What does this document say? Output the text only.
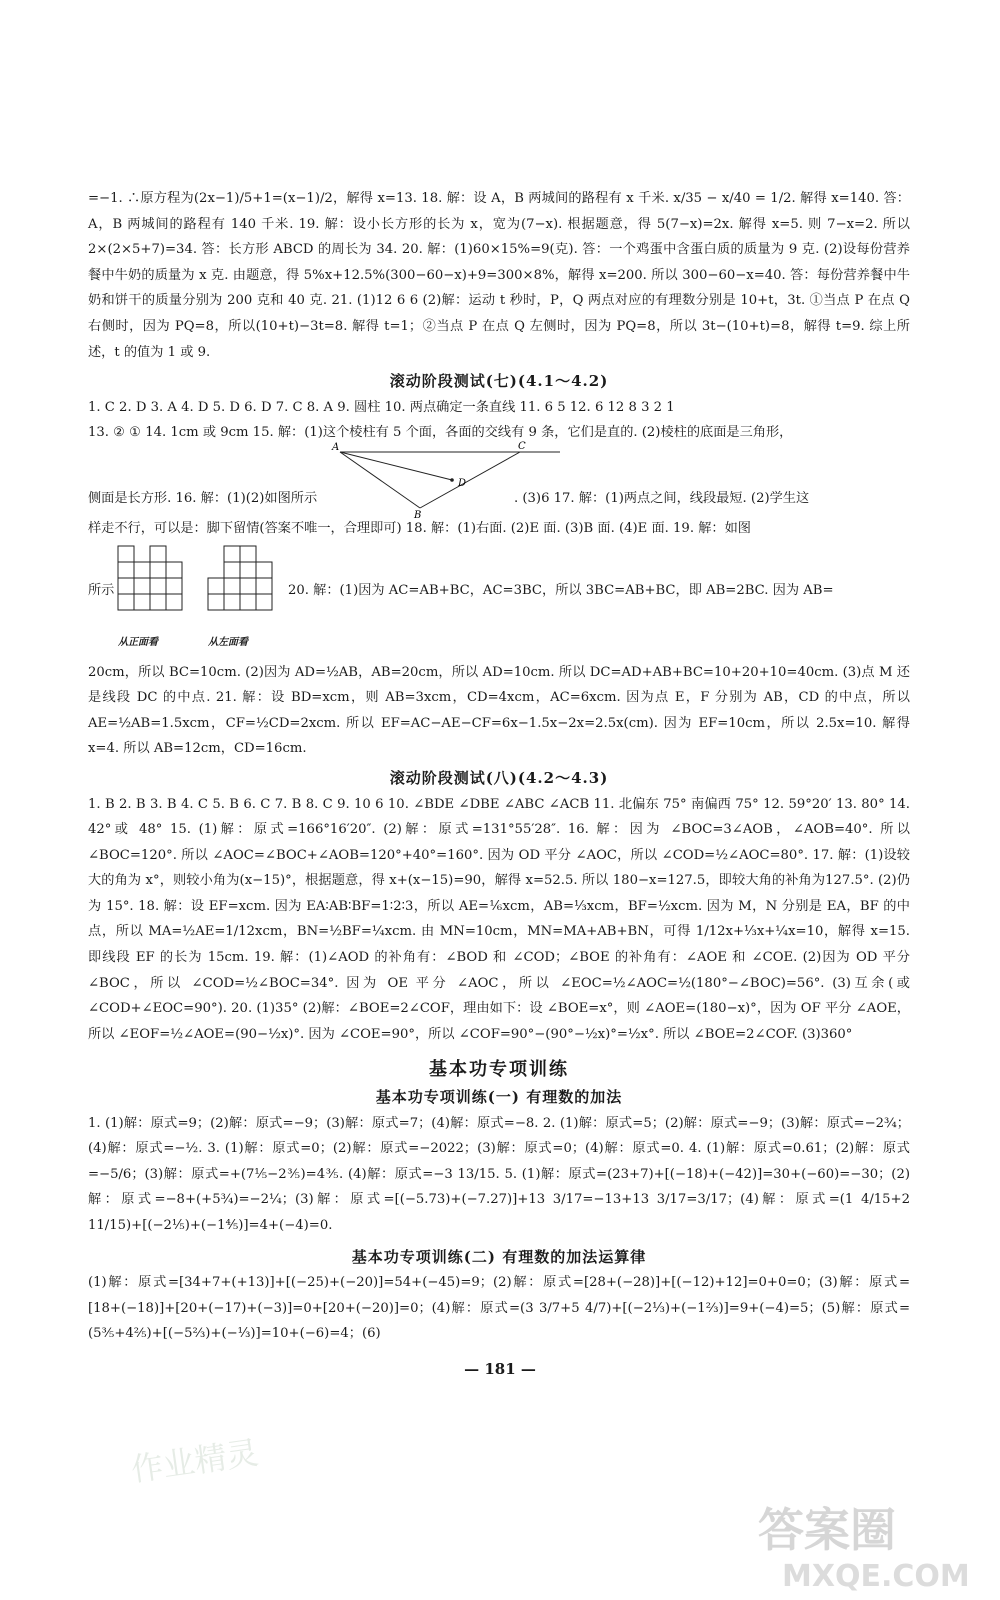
=−1. ∴原方程为(2x−1)/5+1=(x−1)/2，解得 x=13. 18. 解：设 A，B 两城间的路程有 x 千米. x/35 − x/40 = 1/2. 解得 x=140. 答：A，B 两城间的路程有 140 千米. 19. 解：设小长方形的长为 x，宽为(7−x). 根据题意，得 5(7−x)=2x. 解得 x=5. 则 7−x=2. 所以 2×(2×5+7)=34. 答：长方形 ABCD 的周长为 34. 20. 解：(1)60×15%=9(克). 答：一个鸡蛋中含蛋白质的质量为 9 克. (2)设每份营养餐中牛奶的质量为 x 克. 由题意，得 5%x+12.5%(300−60−x)+9=300×8%，解得 x=200. 所以 300−60−x=40. 答：每份营养餐中牛奶和饼干的质量分别为 200 克和 40 克. 21. (1)12 6 6 (2)解：运动 t 秒时，P，Q 两点对应的有理数分别是 10+t，3t. ①当点 P 在点 Q 右侧时，因为 PQ=8，所以(10+t)−3t=8. 解得 t=1；②当点 P 在点 Q 左侧时，因为 PQ=8，所以 3t−(10+t)=8，解得 t=9. 综上所述，t 的值为 1 或 9.

滚动阶段测试(七)(4.1～4.2)

1. C 2. D 3. A 4. D 5. D 6. D 7. C 8. A 9. 圆柱 10. 两点确定一条直线 11. 6 5 12. 6 12 8 3 2 1

13. ② ① 14. 1cm 或 9cm 15. 解：(1)这个棱柱有 5 个面，各面的交线有 9 条，它们是直的. (2)棱柱的底面是三角形，

侧面是长方形. 16. 解：(1)(2)如图所示
A	C
D
B
. (3)6 17. 解：(1)两点之间，线段最短. (2)学生这

样走不行，可以是：脚下留情(答案不唯一，合理即可) 18. 解：(1)右面. (2)E 面. (3)B 面. (4)E 面. 19. 解：如图

所示
从正面看	从左面看
20. 解：(1)因为 AC=AB+BC，AC=3BC，所以 3BC=AB+BC，即 AB=2BC. 因为 AB=

20cm，所以 BC=10cm. (2)因为 AD=½AB，AB=20cm，所以 AD=10cm. 所以 DC=AD+AB+BC=10+20+10=40cm. (3)点 M 还是线段 DC 的中点. 21. 解：设 BD=xcm，则 AB=3xcm，CD=4xcm，AC=6xcm. 因为点 E，F 分别为 AB，CD 的中点，所以 AE=½AB=1.5xcm，CF=½CD=2xcm. 所以 EF=AC−AE−CF=6x−1.5x−2x=2.5x(cm). 因为 EF=10cm，所以 2.5x=10. 解得 x=4. 所以 AB=12cm，CD=16cm.

滚动阶段测试(八)(4.2～4.3)

1. B 2. B 3. B 4. C 5. B 6. C 7. B 8. C 9. 10 6 10. ∠BDE ∠DBE ∠ABC ∠ACB 11. 北偏东 75° 南偏西 75° 12. 59°20′ 13. 80° 14. 42°或 48° 15. (1)解：原式=166°16′20″. (2)解：原式=131°55′28″. 16. 解：因为 ∠BOC=3∠AOB，∠AOB=40°. 所以 ∠BOC=120°. 所以 ∠AOC=∠BOC+∠AOB=120°+40°=160°. 因为 OD 平分 ∠AOC，所以 ∠COD=½∠AOC=80°. 17. 解：(1)设较大的角为 x°，则较小角为(x−15)°，根据题意，得 x+(x−15)=90，解得 x=52.5. 所以 180−x=127.5，即较大角的补角为127.5°. (2)仍为 15°. 18. 解：设 EF=xcm. 因为 EA∶AB∶BF=1∶2∶3，所以 AE=⅙xcm，AB=⅓xcm，BF=½xcm. 因为 M，N 分别是 EA，BF 的中点，所以 MA=½AE=1/12xcm，BN=½BF=¼xcm. 由 MN=10cm，MN=MA+AB+BN，可得 1/12x+⅓x+¼x=10，解得 x=15. 即线段 EF 的长为 15cm. 19. 解：(1)∠AOD 的补角有：∠BOD 和 ∠COD；∠BOE 的补角有：∠AOE 和 ∠COE. (2)因为 OD 平分 ∠BOC，所以 ∠COD=½∠BOC=34°. 因为 OE 平分 ∠AOC，所以 ∠EOC=½∠AOC=½(180°−∠BOC)=56°. (3)互余(或 ∠COD+∠EOC=90°). 20. (1)35° (2)解：∠BOE=2∠COF，理由如下：设 ∠BOE=x°，则 ∠AOE=(180−x)°，因为 OF 平分 ∠AOE，所以 ∠EOF=½∠AOE=(90−½x)°. 因为 ∠COE=90°，所以 ∠COF=90°−(90°−½x)°=½x°. 所以 ∠BOE=2∠COF. (3)360°

基本功专项训练
基本功专项训练(一) 有理数的加法

1. (1)解：原式=9；(2)解：原式=−9；(3)解：原式=7；(4)解：原式=−8. 2. (1)解：原式=5；(2)解：原式=−9；(3)解：原式=−2¾；(4)解：原式=−½. 3. (1)解：原式=0；(2)解：原式=−2022；(3)解：原式=0；(4)解：原式=0. 4. (1)解：原式=0.61；(2)解：原式=−5/6；(3)解：原式=+(7⅕−2⅗)=4⅗. (4)解：原式=−3 13/15. 5. (1)解：原式=(23+7)+[(−18)+(−42)]=30+(−60)=−30；(2)解：原式=−8+(+5¾)=−2¼；(3)解：原式=[(−5.73)+(−7.27)]+13 3/17=−13+13 3/17=3/17；(4)解：原式=(1 4/15+2 11/15)+[(−2⅕)+(−1⅘)]=4+(−4)=0.

基本功专项训练(二) 有理数的加法运算律

(1)解：原式=[34+7+(+13)]+[(−25)+(−20)]=54+(−45)=9；(2)解：原式=[28+(−28)]+[(−12)+12]=0+0=0；(3)解：原式=[18+(−18)]+[20+(−17)+(−3)]=0+[20+(−20)]=0；(4)解：原式=(3 3/7+5 4/7)+[(−2⅓)+(−1⅔)]=9+(−4)=5；(5)解：原式=(5⅗+4⅖)+[(−5⅔)+(−⅓)]=10+(−6)=4；(6)

— 181 —
作业精灵
答案圈
MXQE.COM
